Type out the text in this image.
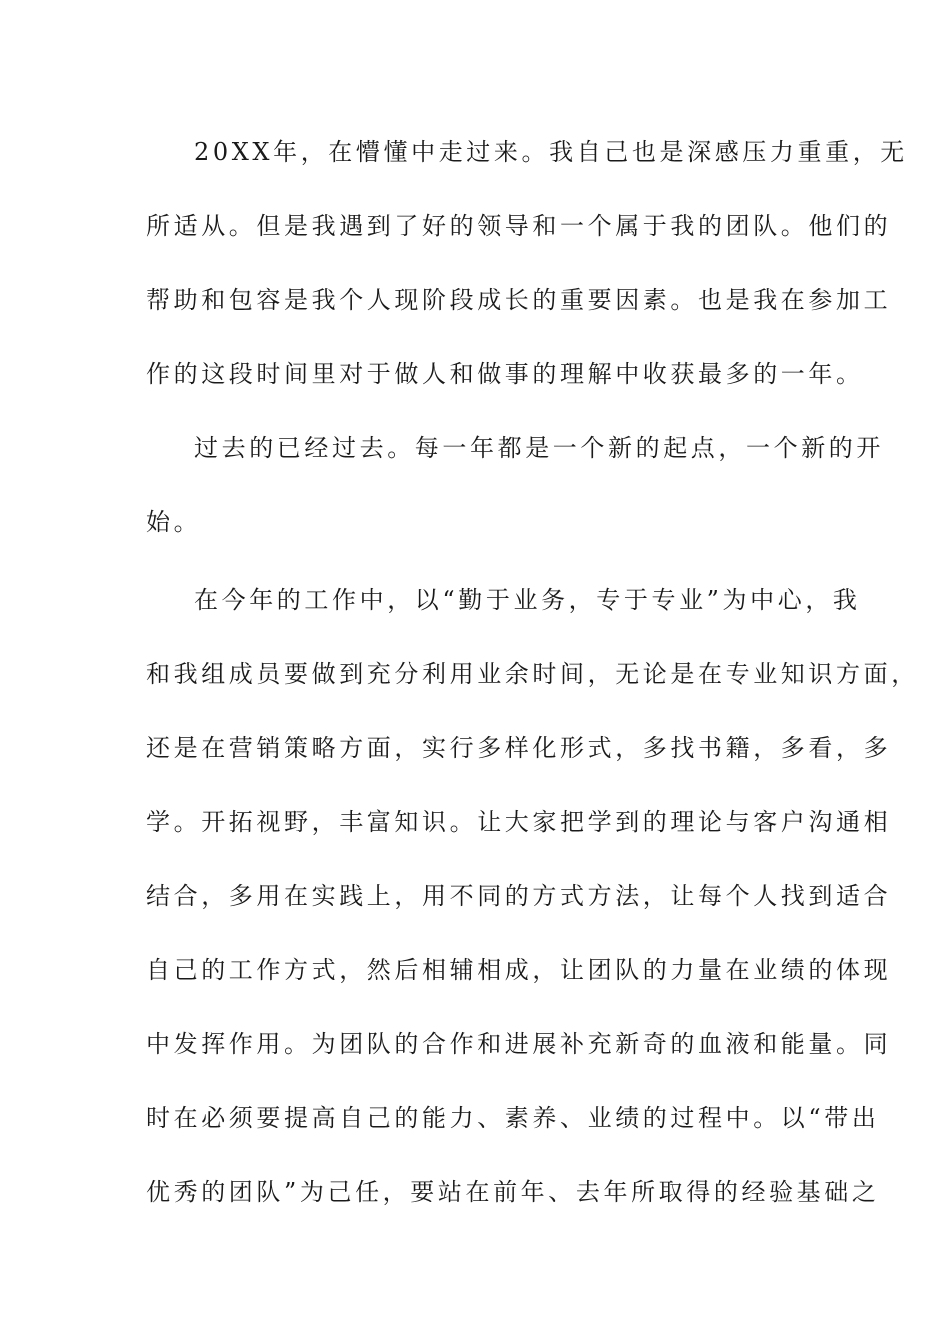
20XX年，在懵懂中走过来。我自己也是深感压力重重，无
所适从。但是我遇到了好的领导和一个属于我的团队。他们的
帮助和包容是我个人现阶段成长的重要因素。也是我在参加工
作的这段时间里对于做人和做事的理解中收获最多的一年。
过去的已经过去。每一年都是一个新的起点，一个新的开
始。
在今年的工作中，以“勤于业务，专于专业”为中心，我
和我组成员要做到充分利用业余时间，无论是在专业知识方面，
还是在营销策略方面，实行多样化形式，多找书籍，多看，多
学。开拓视野，丰富知识。让大家把学到的理论与客户沟通相
结合，多用在实践上，用不同的方式方法，让每个人找到适合
自己的工作方式，然后相辅相成，让团队的力量在业绩的体现
中发挥作用。为团队的合作和进展补充新奇的血液和能量。同
时在必须要提高自己的能力、素养、业绩的过程中。以“带出
优秀的团队”为己任，要站在前年、去年所取得的经验基础之
